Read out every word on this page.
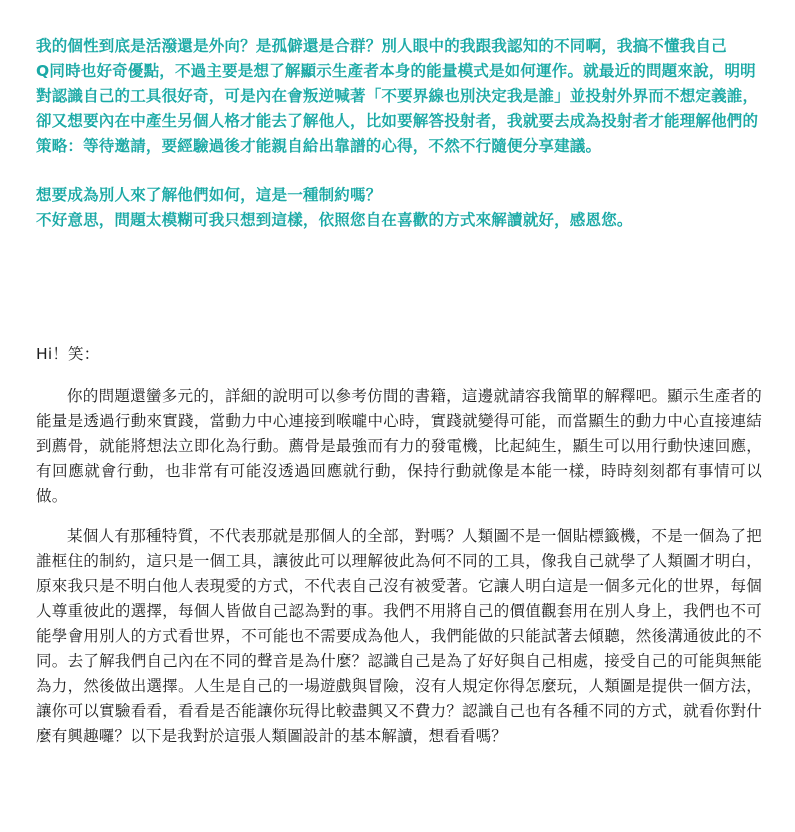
我的個性到底是活潑還是外向？是孤僻還是合群？別人眼中的我跟我認知的不同啊，我搞不懂我自己

Q同時也好奇優點，不過主要是想了解顯示生產者本身的能量模式是如何運作。就最近的問題來說，明明對認識自己的工具很好奇，可是內在會叛逆喊著「不要界線也別決定我是誰」並投射外界而不想定義誰，卻又想要內在中產生另個人格才能去了解他人，比如要解答投射者，我就要去成為投射者才能理解他們的策略：等待邀請，要經驗過後才能親自給出靠譜的心得，不然不行隨便分享建議。

想要成為別人來了解他們如何，這是一種制約嗎？

不好意思，問題太模糊可我只想到這樣，依照您自在喜歡的方式來解讀就好，感恩您。

Hi！笑：

你的問題還蠻多元的，詳細的說明可以參考仿間的書籍，這邊就請容我簡單的解釋吧。顯示生產者的能量是透過行動來實踐，當動力中心連接到喉嚨中心時，實踐就變得可能，而當顯生的動力中心直接連結到薦骨，就能將想法立即化為行動。薦骨是最強而有力的發電機，比起純生，顯生可以用行動快速回應，有回應就會行動，也非常有可能沒透過回應就行動，保持行動就像是本能一樣，時時刻刻都有事情可以做。

某個人有那種特質，不代表那就是那個人的全部，對嗎？人類圖不是一個貼標籤機，不是一個為了把誰框住的制約，這只是一個工具，讓彼此可以理解彼此為何不同的工具，像我自己就學了人類圖才明白，原來我只是不明白他人表現愛的方式，不代表自己沒有被愛著。它讓人明白這是一個多元化的世界，每個人尊重彼此的選擇，每個人皆做自己認為對的事。我們不用將自己的價值觀套用在別人身上，我們也不可能學會用別人的方式看世界，不可能也不需要成為他人，我們能做的只能試著去傾聽，然後溝通彼此的不同。去了解我們自己內在不同的聲音是為什麼？認識自己是為了好好與自己相處，接受自己的可能與無能為力，然後做出選擇。人生是自己的一場遊戲與冒險，沒有人規定你得怎麼玩，人類圖是提供一個方法，讓你可以實驗看看，看看是否能讓你玩得比較盡興又不費力？認識自己也有各種不同的方式，就看你對什麼有興趣囉？以下是我對於這張人類圖設計的基本解讀，想看看嗎？
